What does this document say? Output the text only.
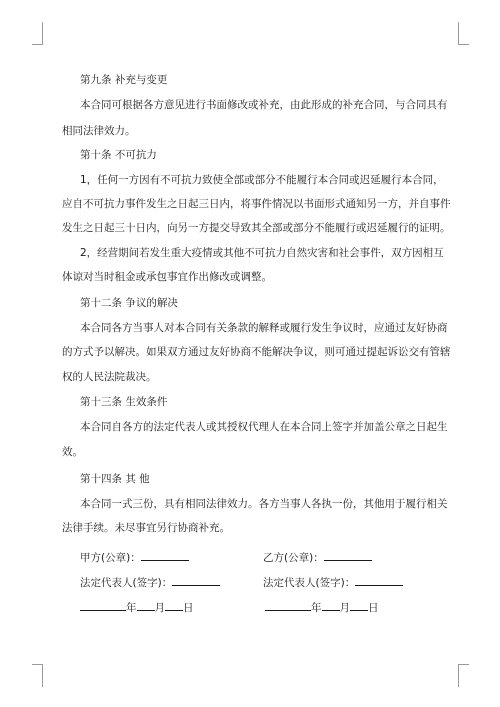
第九条 补充与变更
本合同可根据各方意见进行书面修改或补充，由此形成的补充合同，与合同具有
相同法律效力。
第十条 不可抗力
1，任何一方因有不可抗力致使全部或部分不能履行本合同或迟延履行本合同，
应自不可抗力事件发生之日起三日内，将事件情况以书面形式通知另一方，并自事件
发生之日起三十日内，向另一方提交导致其全部或部分不能履行或迟延履行的证明。
2，经营期间若发生重大疫情或其他不可抗力自然灾害和社会事件，双方因相互
体谅对当时租金或承包事宜作出修改或调整。
第十二条 争议的解决
本合同各方当事人对本合同有关条款的解释或履行发生争议时，应通过友好协商
的方式予以解决。如果双方通过友好协商不能解决争议，则可通过提起诉讼交有管辖
权的人民法院裁决。
第十三条 生效条件
本合同自各方的法定代表人或其授权代理人在本合同上签字并加盖公章之日起生
效。
第十四条 其 他
本合同一式三份，具有相同法律效力。各方当事人各执一份，其他用于履行相关
法律手续。未尽事宜另行协商补充。
甲方(公章)：	乙方(公章)：
法定代表人(签字)：	法定代表人(签字)：
年 月 日	年 月 日
